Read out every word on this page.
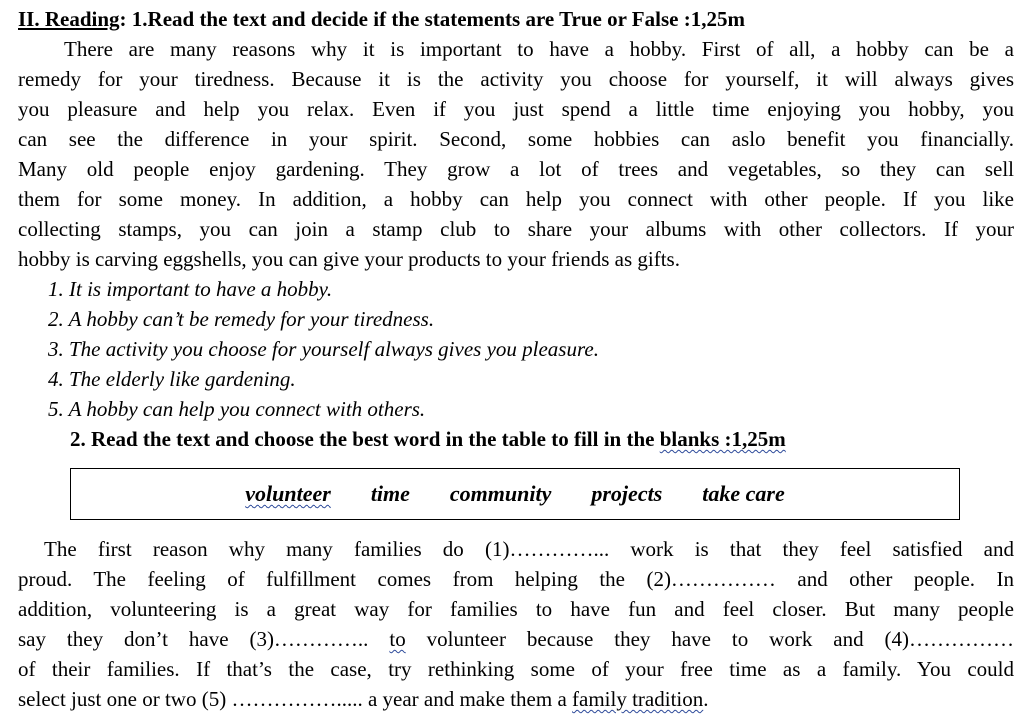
II. Reading: 1.Read the text and decide if the statements are True or False :1,25m
There are many reasons why it is important to have a hobby. First of all, a hobby can be a
remedy for your tiredness. Because it is the activity you choose for yourself, it will always gives
you pleasure and help you relax. Even if you just spend a little time enjoying you hobby, you
can see the difference in your spirit. Second, some hobbies can aslo benefit you financially.
Many old people enjoy gardening. They grow a lot of trees and vegetables, so they can sell
them for some money. In addition, a hobby can help you connect with other people. If you like
collecting stamps, you can join a stamp club to share your albums with other collectors. If your
hobby is carving eggshells, you can give your products to your friends as gifts.
1. It is important to have a hobby.
2. A hobby can’t be remedy for your tiredness.
3. The activity you choose for yourself always gives you pleasure.
4. The elderly like gardening.
5. A hobby can help you connect with others.
2. Read the text and choose the best word in the table to fill in the blanks :1,25m
volunteer time community projects take care
The first reason why many families do (1)…………... work is that they feel satisfied and
proud. The feeling of fulfillment comes from helping the (2)…………… and other people. In
addition, volunteering is a great way for families to have fun and feel closer. But many people
say they don’t have (3)………….. to volunteer because they have to work and (4)……………
of their families. If that’s the case, try rethinking some of your free time as a family. You could
select just one or two (5) ……………..... a year and make them a family tradition.
